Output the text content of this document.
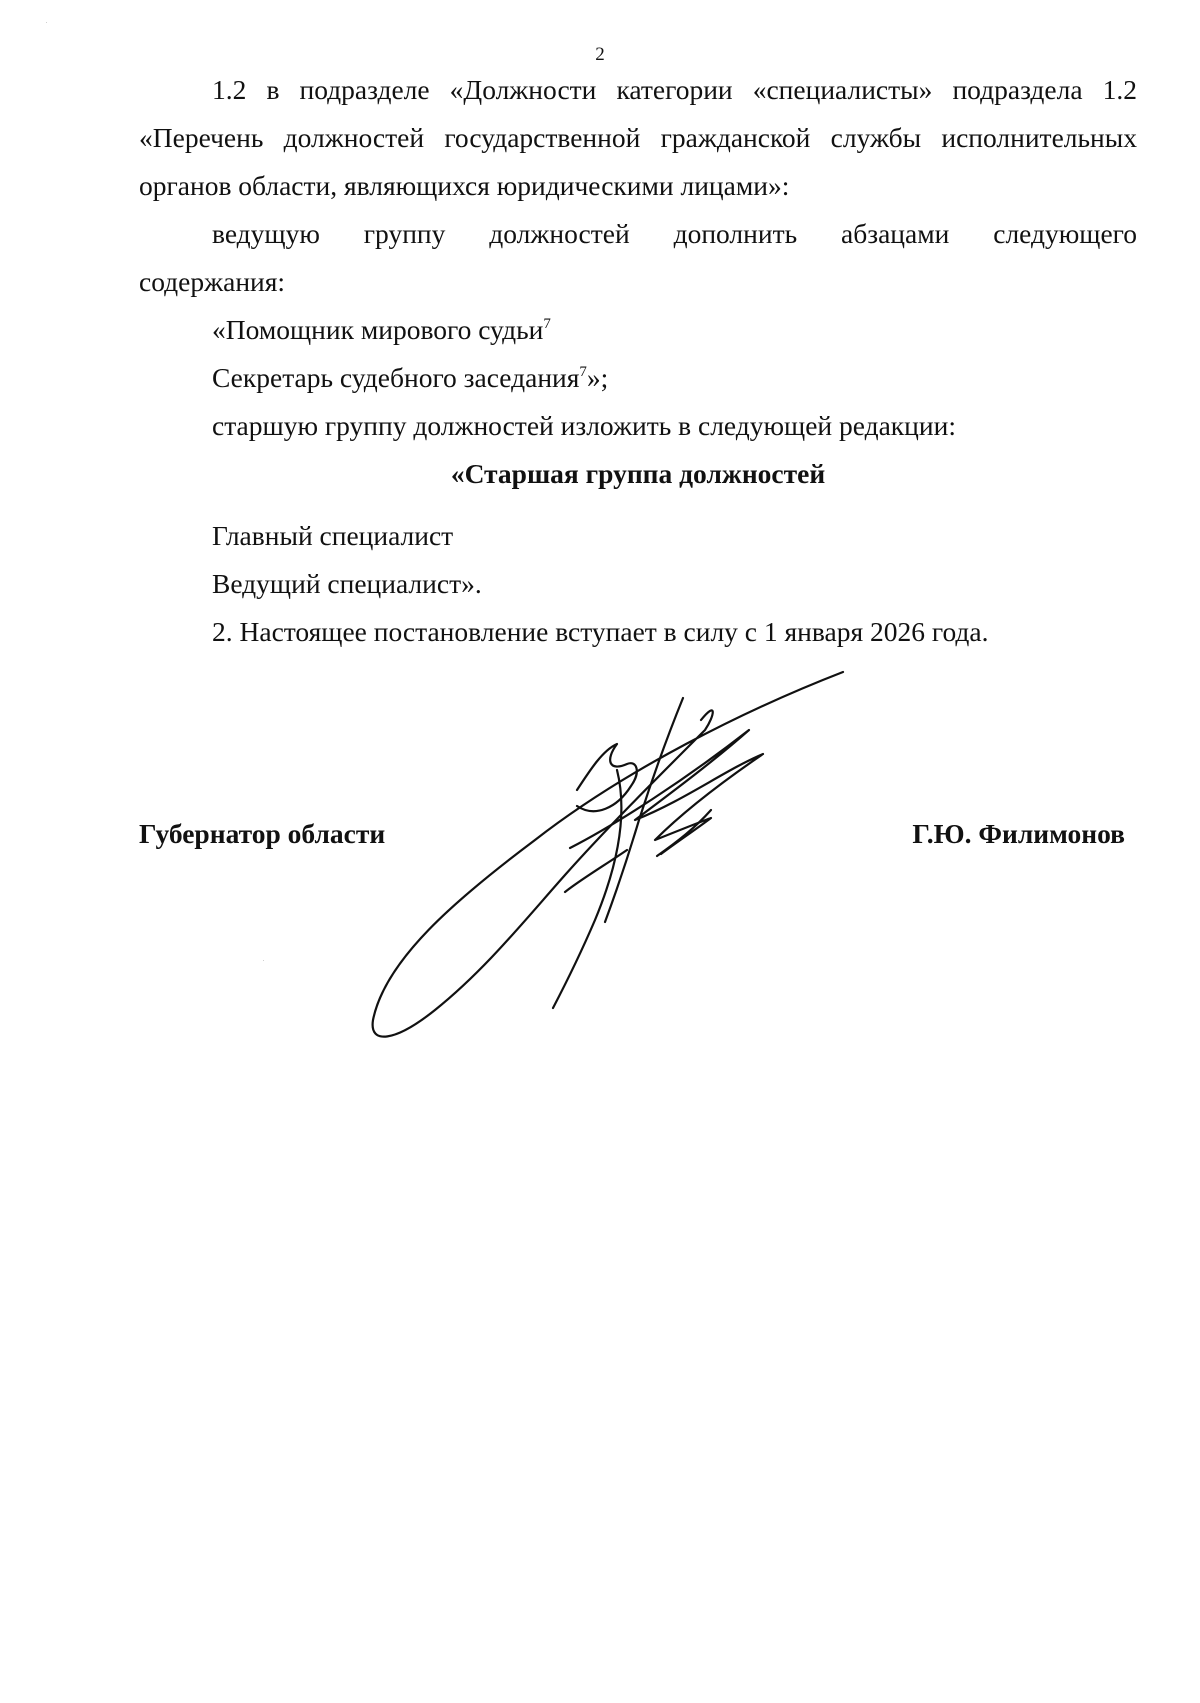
2

1.2 в подразделе «Должности категории «специалисты» подраздела 1.2 «Перечень должностей государственной гражданской службы исполнительных органов области, являющихся юридическими лицами»:

ведущую группу должностей дополнить абзацами следующего

содержания:

«Помощник мирового судьи$^7$

Секретарь судебного заседания$^7$»;

старшую группу должностей изложить в следующей редакции:

«Старшая группа должностей

Главный специалист

Ведущий специалист».

2. Настоящее постановление вступает в силу с 1 января 2026 года.

Губернатор области	Г.Ю. Филимонов
